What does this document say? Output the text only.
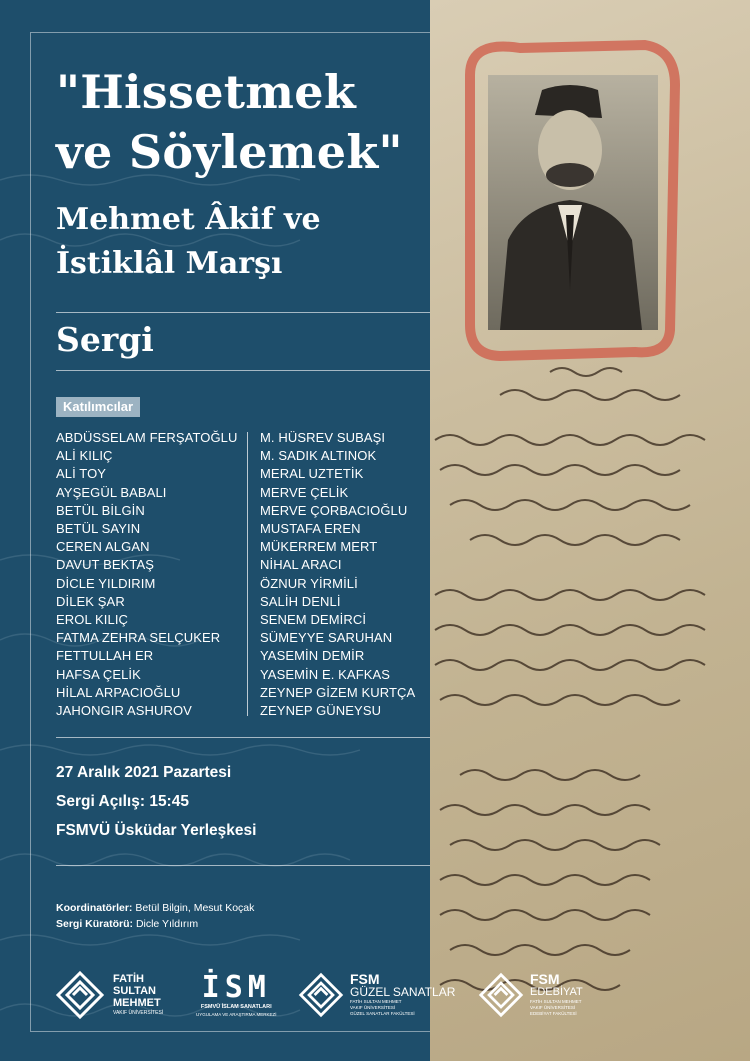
"Hissetmek
ve Söylemek"
Mehmet Âkif ve
İstiklâl Marşı
Sergi
Katılımcılar
ABDÜSSELAM FERŞATOĞLU
ALİ KILIÇ
ALİ TOY
AYŞEGÜL BABALI
BETÜL BİLGİN
BETÜL SAYIN
CEREN ALGAN
DAVUT BEKTAŞ
DİCLE YILDIRIM
DİLEK ŞAR
EROL KILIÇ
FATMA ZEHRA SELÇUKER
FETTULLAH ER
HAFSA ÇELİK
HİLAL ARPACIOĞLU
JAHONGIR ASHUROV
M. HÜSREV SUBAŞI
M. SADIK ALTINOK
MERAL UZTETİK
MERVE ÇELİK
MERVE ÇORBACIOĞLU
MUSTAFA EREN
MÜKERREM MERT
NİHAL ARACI
ÖZNUR YİRMİLİ
SALİH DENLİ
SENEM DEMİRCİ
SÜMEYYE SARUHAN
YASEMİN DEMİR
YASEMİN E. KAFKAS
ZEYNEP GİZEM KURTÇA
ZEYNEP GÜNEYSU
27 Aralık 2021 Pazartesi
Sergi Açılış: 15:45
FSMVÜ Üsküdar Yerleşkesi
Koordinatörler: Betül Bilgin, Mesut Koçak
Sergi Küratörü: Dicle Yıldırım
FATİH
SULTAN
MEHMET
VAKIF ÜNİVERSİTESİ
İSM
FSMVÜ İSLAM SANATLARI
UYGULAMA VE ARAŞTIRMA MERKEZİ
FSM
GÜZEL SANATLAR
FATİH SULTAN MEHMET
VAKIF ÜNİVERSİTESİ
GÜZEL SANATLAR FAKÜLTESİ
FSM
EDEBİYAT
FATİH SULTAN MEHMET
VAKIF ÜNİVERSİTESİ
EDEBİYAT FAKÜLTESİ
